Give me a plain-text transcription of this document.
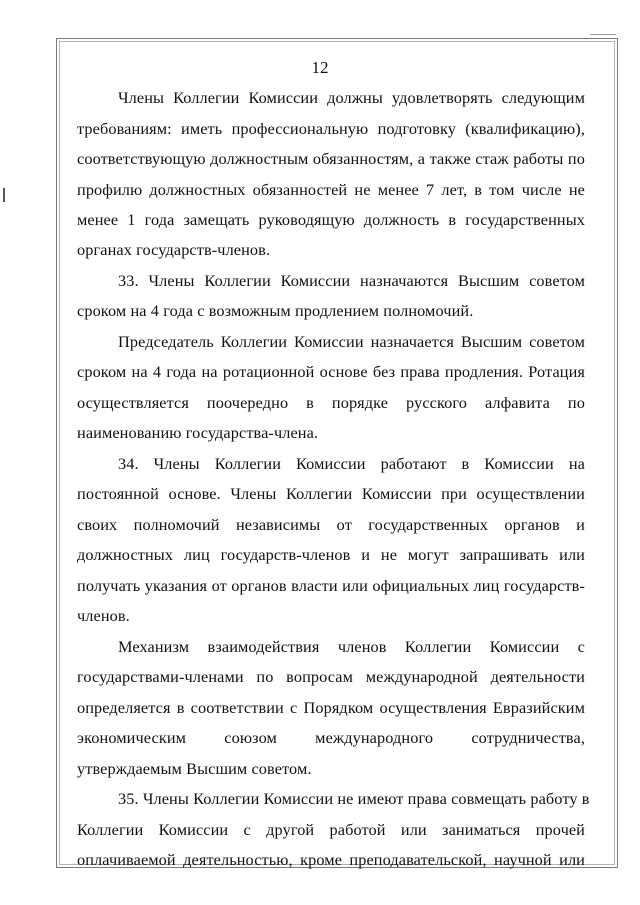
12
Члены Коллегии Комиссии должны удовлетворять следующим
требованиям: иметь профессиональную подготовку (квалификацию),
соответствующую должностным обязанностям, а также стаж работы по
профилю должностных обязанностей не менее 7 лет, в том числе не
менее 1 года замещать руководящую должность в государственных
органах государств-членов.
33. Члены Коллегии Комиссии назначаются Высшим советом
сроком на 4 года с возможным продлением полномочий.
Председатель Коллегии Комиссии назначается Высшим советом
сроком на 4 года на ротационной основе без права продления. Ротация
осуществляется поочередно в порядке русского алфавита по
наименованию государства-члена.
34. Члены Коллегии Комиссии работают в Комиссии на
постоянной основе. Члены Коллегии Комиссии при осуществлении
своих полномочий независимы от государственных органов и
должностных лиц государств-членов и не могут запрашивать или
получать указания от органов власти или официальных лиц государств-
членов.
Механизм взаимодействия членов Коллегии Комиссии с
государствами-членами по вопросам международной деятельности
определяется в соответствии с Порядком осуществления Евразийским
экономическим союзом международного сотрудничества,
утверждаемым Высшим советом.
35. Члены Коллегии Комиссии не имеют права совмещать работу в
Коллегии Комиссии с другой работой или заниматься прочей
оплачиваемой деятельностью, кроме преподавательской, научной или
